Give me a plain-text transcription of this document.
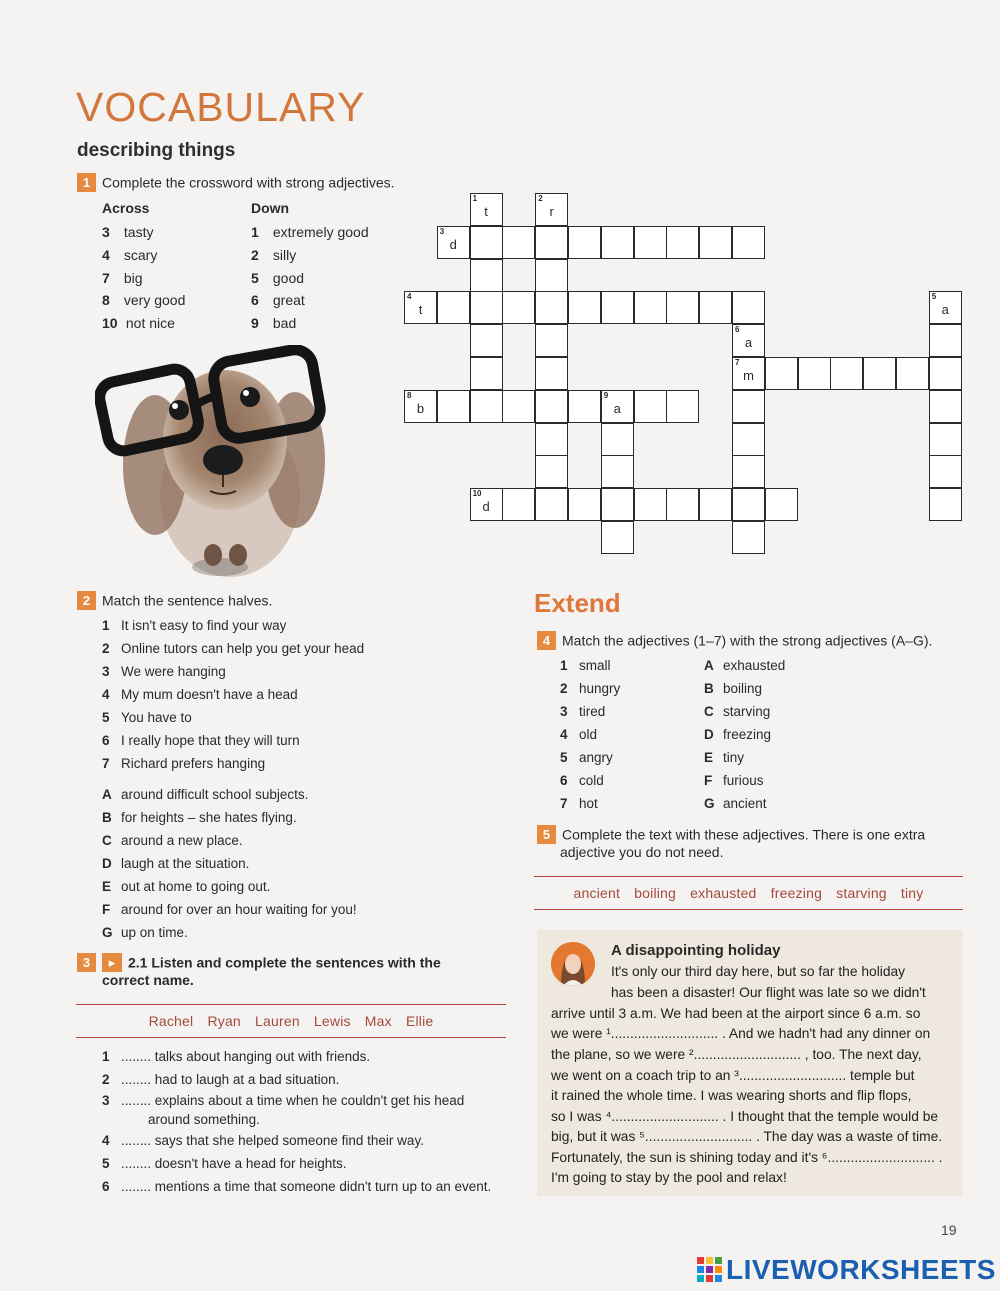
VOCABULARY
describing things
1 Complete the crossword with strong adjectives.
Across	Down
3 tasty
4 scary
7 big
8 very good
10 not nice
1 extremely good
2 silly
5 good
6 great
9 bad
3
d
4
t
7
m
8
b
9
a
10
d
1
t
2
r
5
a
6
a
2 Match the sentence halves.
1 It isn't easy to find your way
2 Online tutors can help you get your head
3 We were hanging
4 My mum doesn't have a head
5 You have to
6 I really hope that they will turn
7 Richard prefers hanging
A around difficult school subjects.
B for heights – she hates flying.
C around a new place.
D laugh at the situation.
E out at home to going out.
F around for over an hour waiting for you!
G up on time.
3 ▸ 2.1 Listen and complete the sentences with the
correct name.
Rachel Ryan Lauren Lewis Max Ellie
1 ........ talks about hanging out with friends.
2 ........ had to laugh at a bad situation.
3 ........ explains about a time when he couldn't get his head
around something.
4 ........ says that she helped someone find their way.
5 ........ doesn't have a head for heights.
6 ........ mentions a time that someone didn't turn up to an event.
Extend
4 Match the adjectives (1–7) with the strong adjectives (A–G).
1 small
2 hungry
3 tired
4 old
5 angry
6 cold
7 hot
A exhausted
B boiling
C starving
D freezing
E tiny
F furious
G ancient
5 Complete the text with these adjectives. There is one extra
adjective you do not need.
ancient boiling exhausted freezing starving tiny
A disappointing holiday
It's only our third day here, but so far the holiday
has been a disaster! Our flight was late so we didn't
arrive until 3 a.m. We had been at the airport since 6 a.m. so
we were ¹............................ . And we hadn't had any dinner on
the plane, so we were ²............................ , too. The next day,
we went on a coach trip to an ³............................ temple but
it rained the whole time. I was wearing shorts and flip flops,
so I was ⁴............................ . I thought that the temple would be
big, but it was ⁵............................ . The day was a waste of time.
Fortunately, the sun is shining today and it's ⁶............................ .
I'm going to stay by the pool and relax!
19
LIVEWORKSHEETS
